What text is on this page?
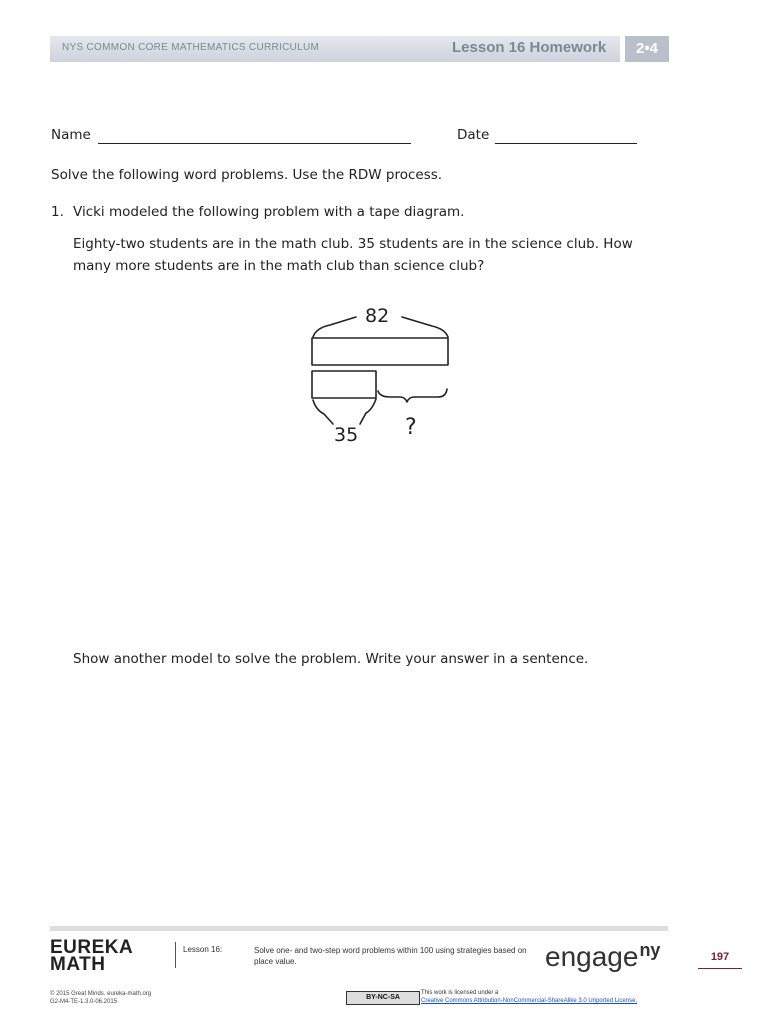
NYS COMMON CORE MATHEMATICS CURRICULUM	Lesson 16 Homework	2•4
Name	Date
Solve the following word problems. Use the RDW process.
1. Vicki modeled the following problem with a tape diagram.
Eighty-two students are in the math club. 35 students are in the science club. How
many more students are in the math club than science club?
82
35 ?
Show another model to solve the problem. Write your answer in a sentence.
EUREKA
MATH
Lesson 16:	Solve one- and two-step word problems within 100 using strategies based on place value.	engage$^{ny}$	197
© 2015 Great Minds. eureka-math.org
G2-M4-TE-1.3.0-06.2015
BY-NC-SA
This work is licensed under a
Creative Commons Attribution-NonCommercial-ShareAlike 3.0 Unported License.
